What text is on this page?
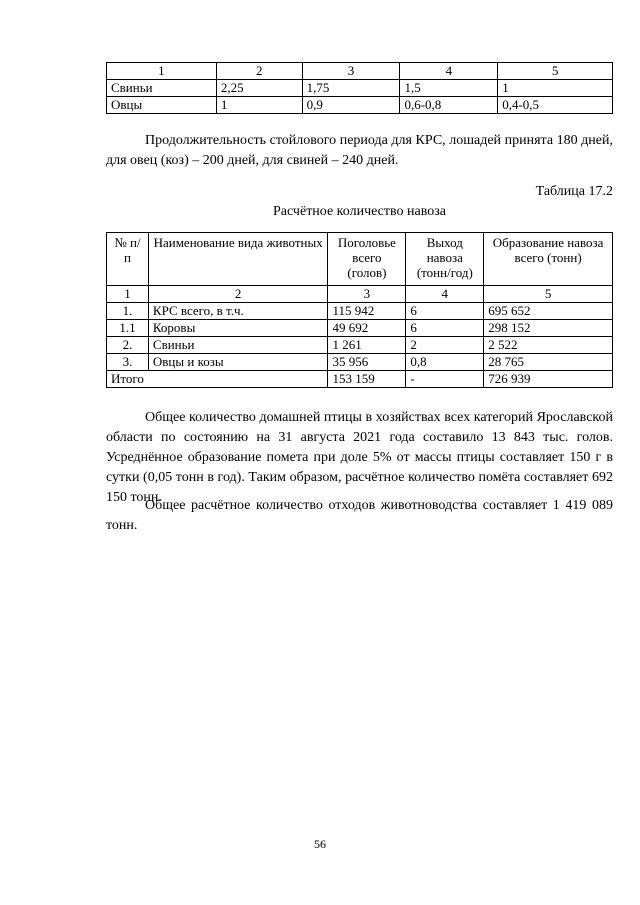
1	2	3	4	5
Свиньи	2,25	1,75	1,5	1
Овцы	1	0,9	0,6-0,8	0,4-0,5

Продолжительность стойлового периода для КРС, лошадей принята 180 дней, для овец (коз) – 200 дней, для свиней – 240 дней.

Таблица 17.2
Расчётное количество навоза
№ п/п	Наименование вида животных	Поголовье всего (голов)	Выход навоза (тонн/год)	Образование навоза всего (тонн)
1	2	3	4	5
1.	КРС всего, в т.ч.	115 942	6	695 652
1.1	Коровы	49 692	6	298 152
2.	Свиньи	1 261	2	2 522
3.	Овцы и козы	35 956	0,8	28 765
Итого		153 159	-	726 939

Общее количество домашней птицы в хозяйствах всех категорий Ярославской области по состоянию на 31 августа 2021 года составило 13 843 тыс. голов. Усреднённое образование помета при доле 5% от массы птицы составляет 150 г в сутки (0,05 тонн в год). Таким образом, расчётное количество помёта составляет 692 150 тонн.

Общее расчётное количество отходов животноводства составляет 1 419 089 тонн.

56
